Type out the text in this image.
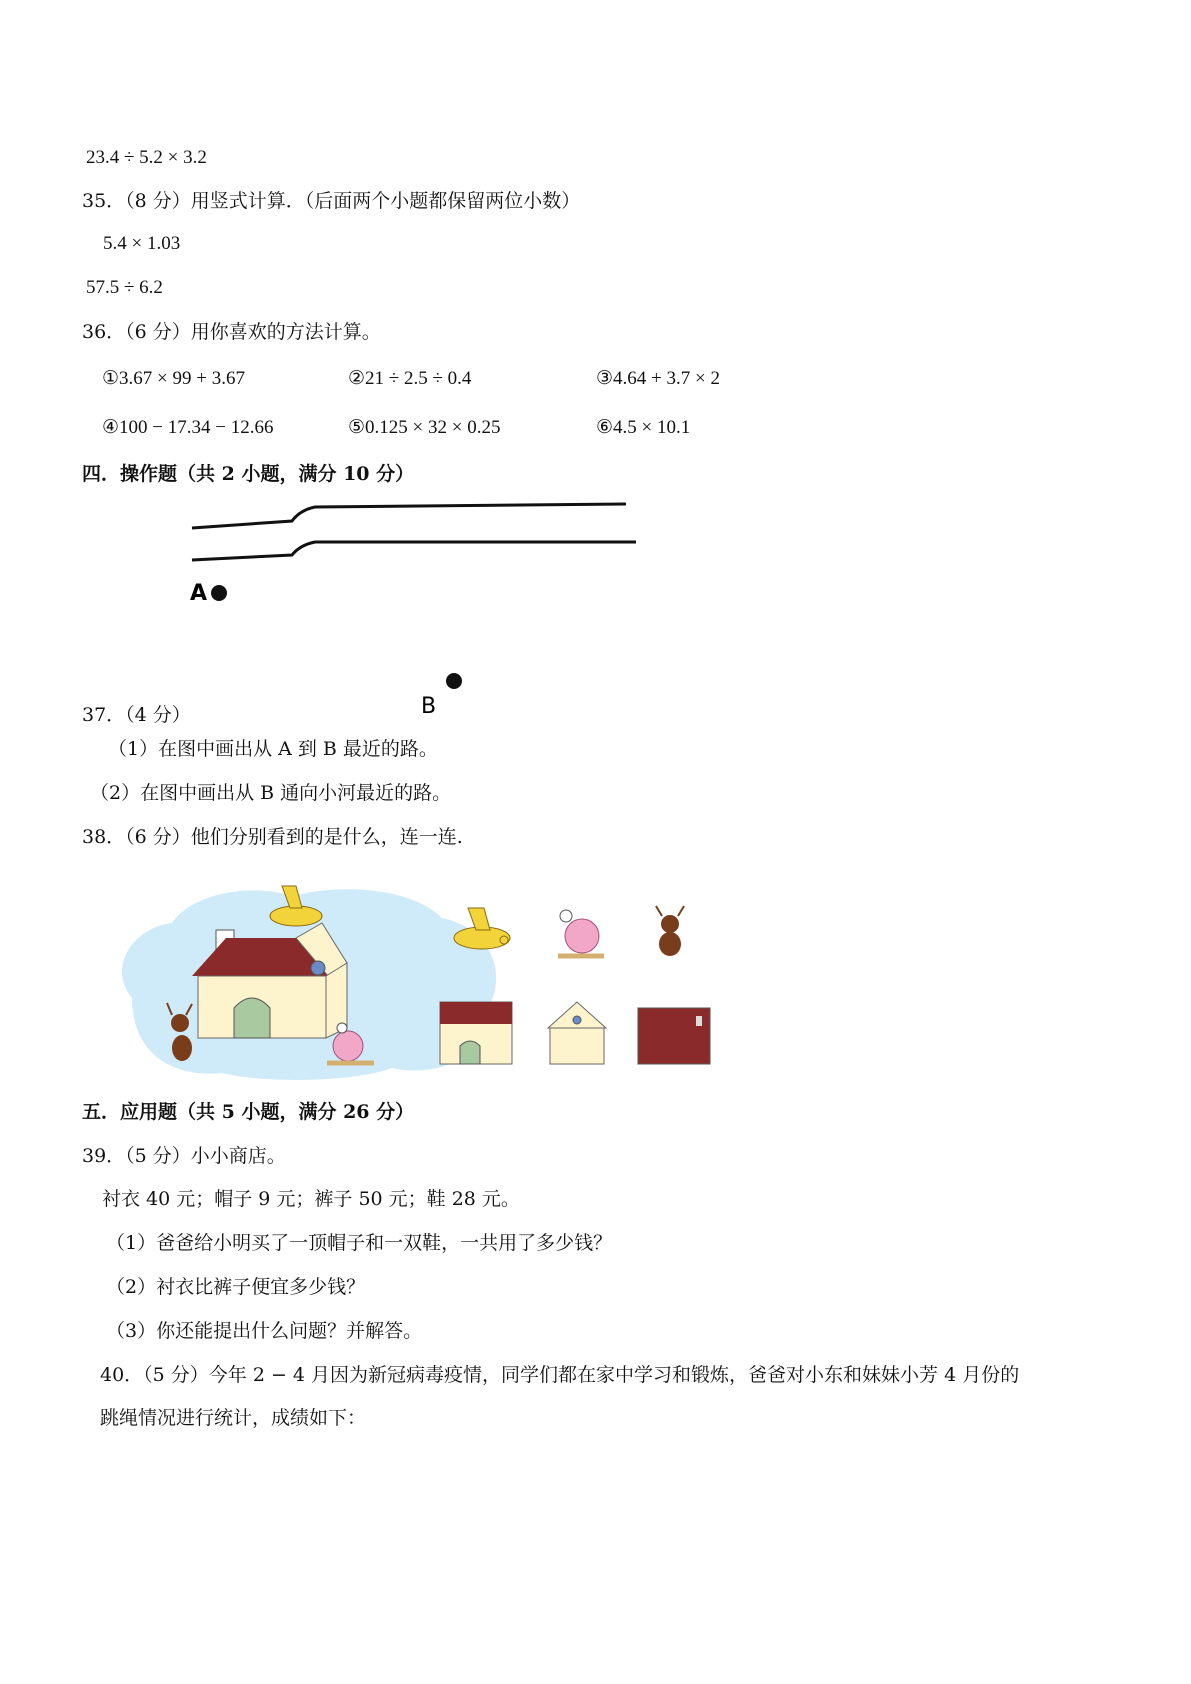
23.4 ÷ 5.2 × 3.2
35．（8 分）用竖式计算．（后面两个小题都保留两位小数）
5.4 × 1.03
57.5 ÷ 6.2
36．（6 分）用你喜欢的方法计算。
①3.67 × 99 + 3.67	②21 ÷ 2.5 ÷ 0.4	③4.64 + 3.7 × 2
④100 − 17.34 − 12.66	⑤0.125 × 32 × 0.25	⑥4.5 × 10.1
四．操作题（共 2 小题，满分 10 分）
A
B
37．（4 分）
（1）在图中画出从 A 到 B 最近的路。
（2）在图中画出从 B 通向小河最近的路。
38．（6 分）他们分别看到的是什么，连一连.
五．应用题（共 5 小题，满分 26 分）
39．（5 分）小小商店。
衬衣 40 元；帽子 9 元；裤子 50 元；鞋 28 元。
（1）爸爸给小明买了一顶帽子和一双鞋，一共用了多少钱？
（2）衬衣比裤子便宜多少钱？
（3）你还能提出什么问题？并解答。
40．（5 分）今年 2 − 4 月因为新冠病毒疫情，同学们都在家中学习和锻炼，爸爸对小东和妹妹小芳 4 月份的
跳绳情况进行统计，成绩如下：
